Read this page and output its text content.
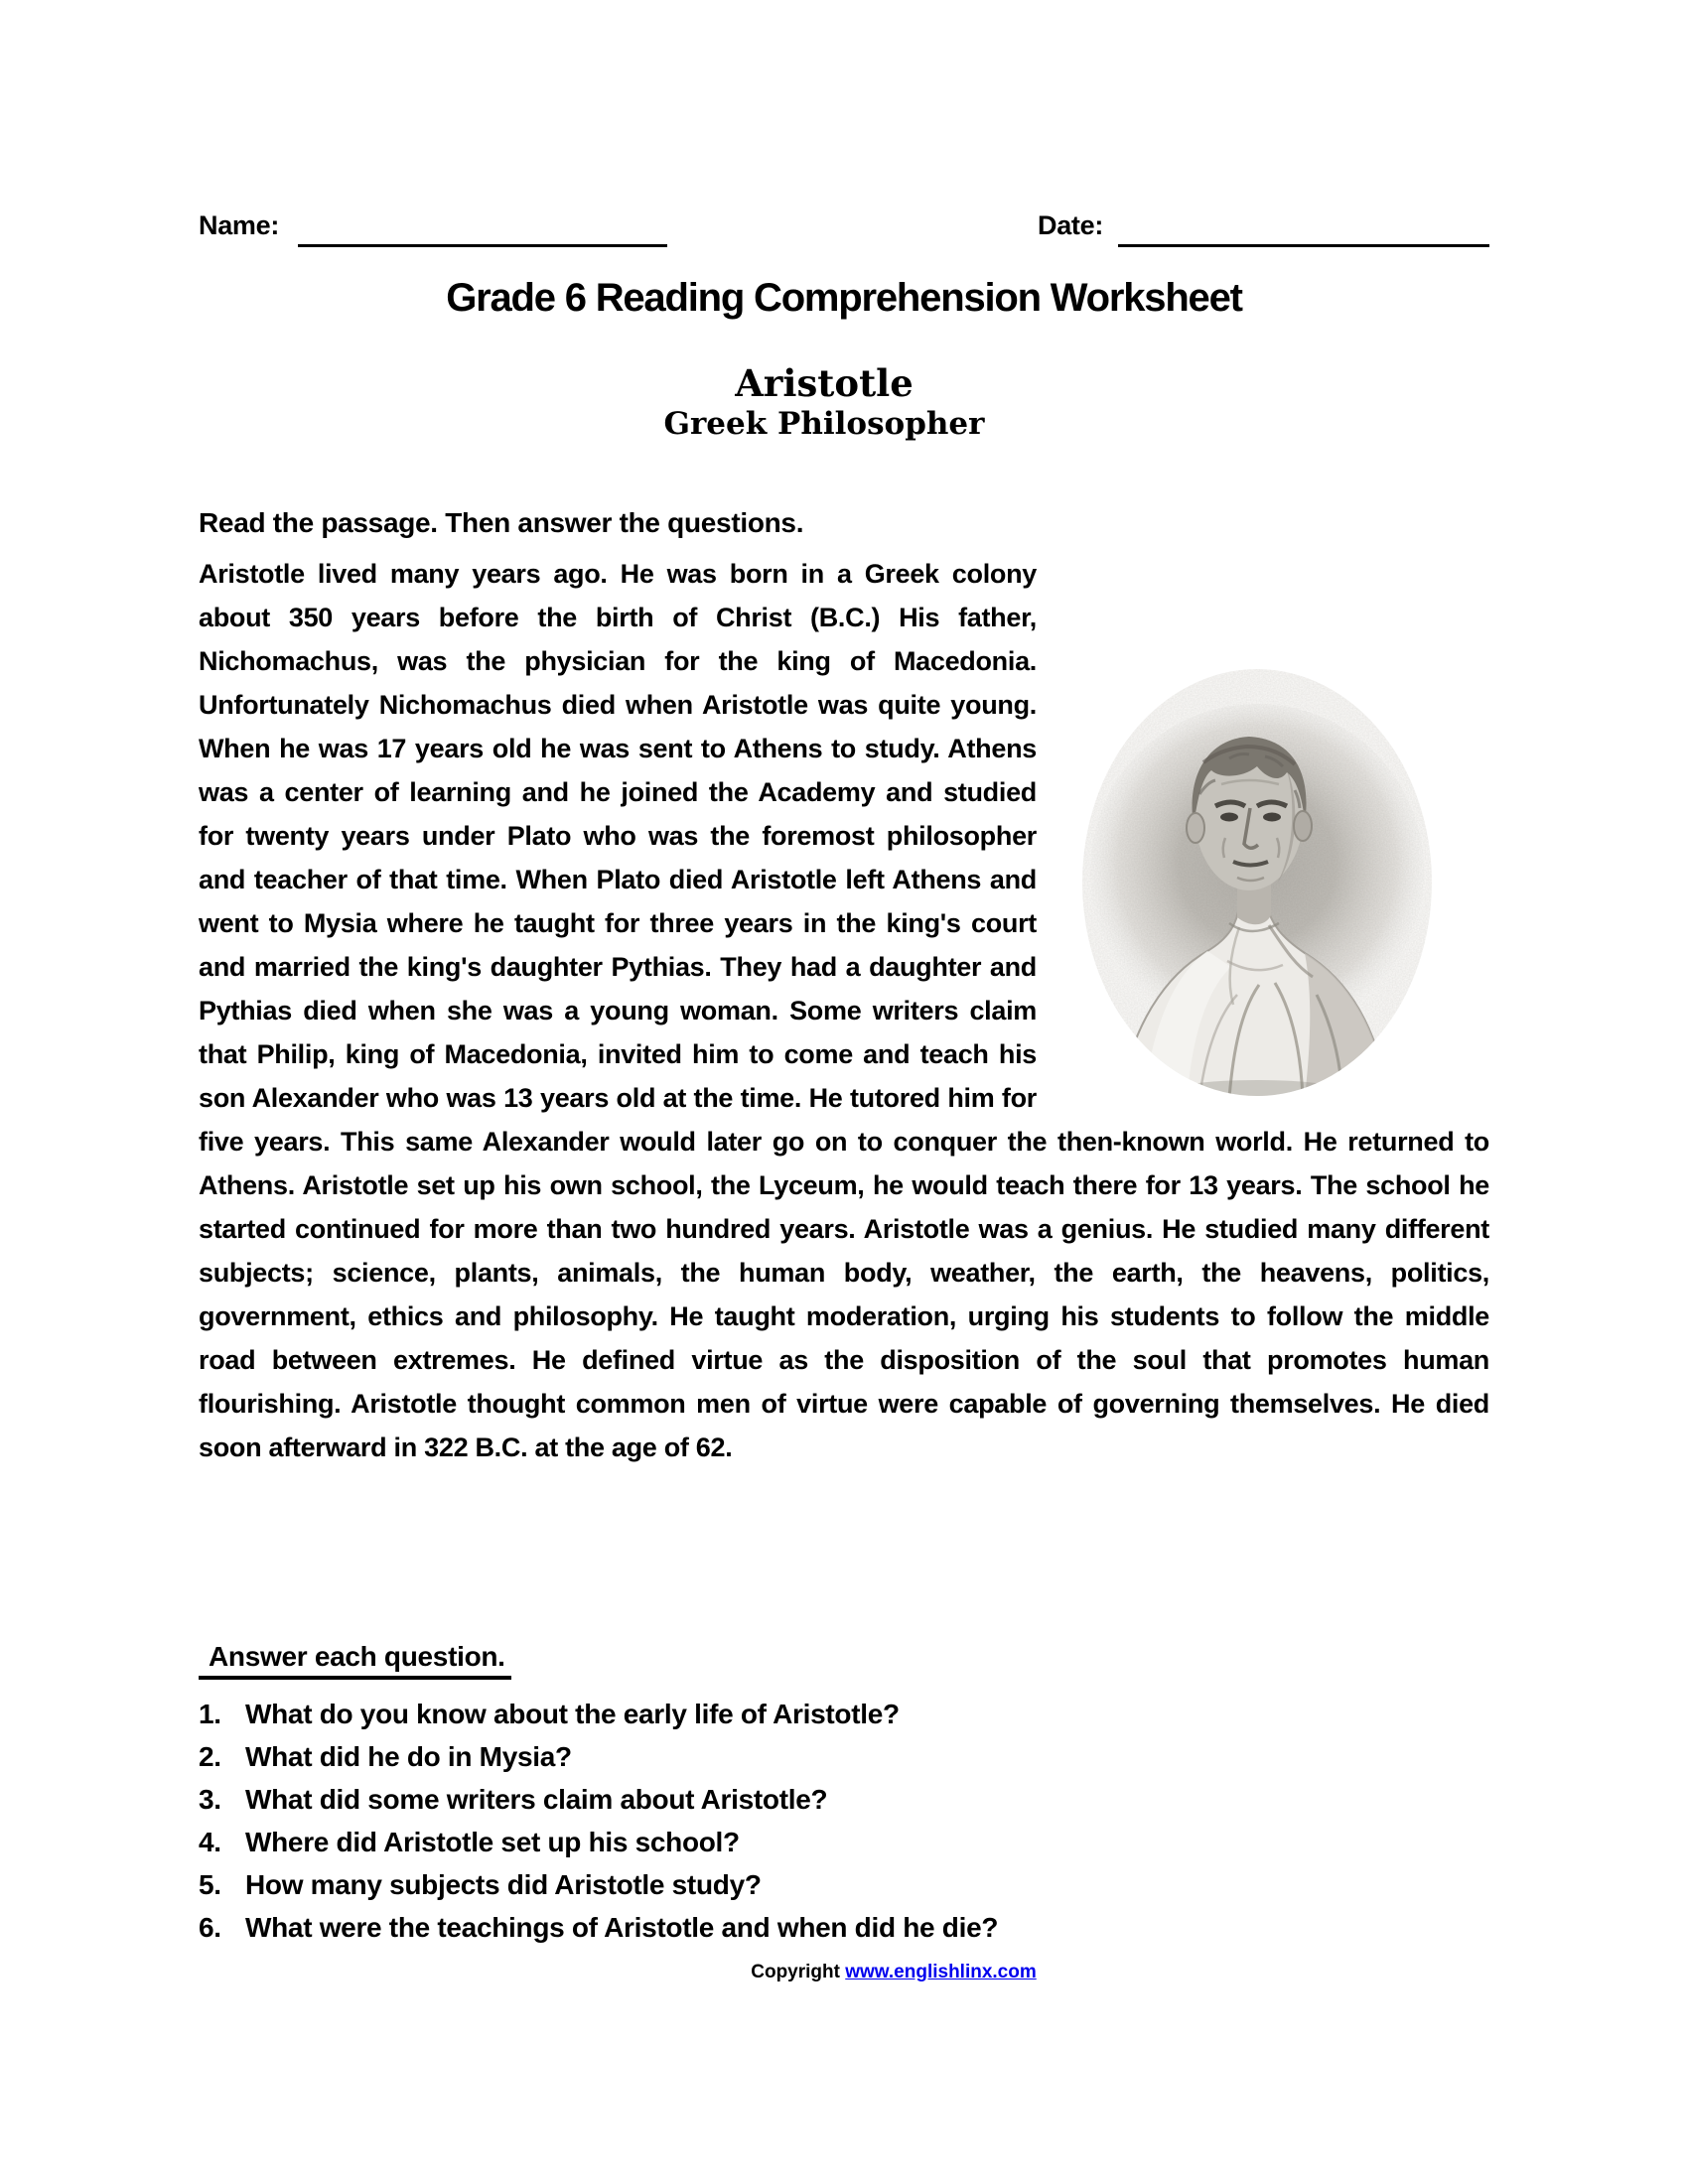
Name:	Date:
Grade 6 Reading Comprehension Worksheet
Aristotle
Greek Philosopher
Read the passage. Then answer the questions.
Aristotle lived many years ago. He was born in a Greek colony about 350 years before the birth of Christ (B.C.) His father, Nichomachus, was the physician for the king of Macedonia. Unfortunately Nichomachus died when Aristotle was quite young. When he was 17 years old he was sent to Athens to study. Athens was a center of learning and he joined the Academy and studied for twenty years under Plato who was the foremost philosopher and teacher of that time. When Plato died Aristotle left Athens and went to Mysia where he taught for three years in the king's court and married the king's daughter Pythias. They had a daughter and Pythias died when she was a young woman. Some writers claim that Philip, king of Macedonia, invited him to come and teach his son Alexander who was 13 years old at the time. He tutored him for five years. This same Alexander would later go on to conquer the then-known world. He returned to Athens. Aristotle set up his own school, the Lyceum, he would teach there for 13 years. The school he started continued for more than two hundred years. Aristotle was a genius. He studied many different subjects; science, plants, animals, the human body, weather, the earth, the heavens, politics, government, ethics and philosophy. He taught moderation, urging his students to follow the middle road between extremes. He defined virtue as the disposition of the soul that promotes human flourishing. Aristotle thought common men of virtue were capable of governing themselves. He died soon afterward in 322 B.C. at the age of 62.
Answer each question.
1. What do you know about the early life of Aristotle?
2. What did he do in Mysia?
3. What did some writers claim about Aristotle?
4. Where did Aristotle set up his school?
5. How many subjects did Aristotle study?
6. What were the teachings of Aristotle and when did he die?
Copyright www.englishlinx.com
